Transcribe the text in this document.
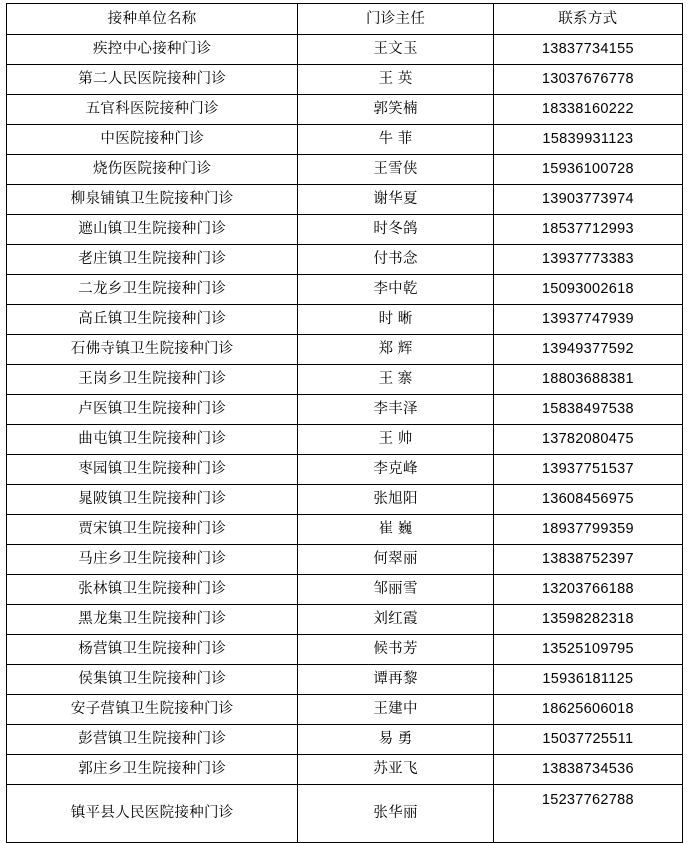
接种单位名称	门诊主任	联系方式
疾控中心接种门诊	王文玉	13837734155
第二人民医院接种门诊	王 英	13037676778
五官科医院接种门诊	郭笑楠	18338160222
中医院接种门诊	牛 菲	15839931123
烧伤医院接种门诊	王雪侠	15936100728
柳泉铺镇卫生院接种门诊	谢华夏	13903773974
遮山镇卫生院接种门诊	时冬鸽	18537712993
老庄镇卫生院接种门诊	付书念	13937773383
二龙乡卫生院接种门诊	李中乾	15093002618
高丘镇卫生院接种门诊	时 晰	13937747939
石佛寺镇卫生院接种门诊	郑 辉	13949377592
王岗乡卫生院接种门诊	王 寨	18803688381
卢医镇卫生院接种门诊	李丰泽	15838497538
曲屯镇卫生院接种门诊	王 帅	13782080475
枣园镇卫生院接种门诊	李克峰	13937751537
晁陂镇卫生院接种门诊	张旭阳	13608456975
贾宋镇卫生院接种门诊	崔 巍	18937799359
马庄乡卫生院接种门诊	何翠丽	13838752397
张林镇卫生院接种门诊	邹丽雪	13203766188
黑龙集卫生院接种门诊	刘红霞	13598282318
杨营镇卫生院接种门诊	候书芳	13525109795
侯集镇卫生院接种门诊	谭再黎	15936181125
安子营镇卫生院接种门诊	王建中	18625606018
彭营镇卫生院接种门诊	易 勇	15037725511
郭庄乡卫生院接种门诊	苏亚飞	13838734536
镇平县人民医院接种门诊	张华丽	15237762788
